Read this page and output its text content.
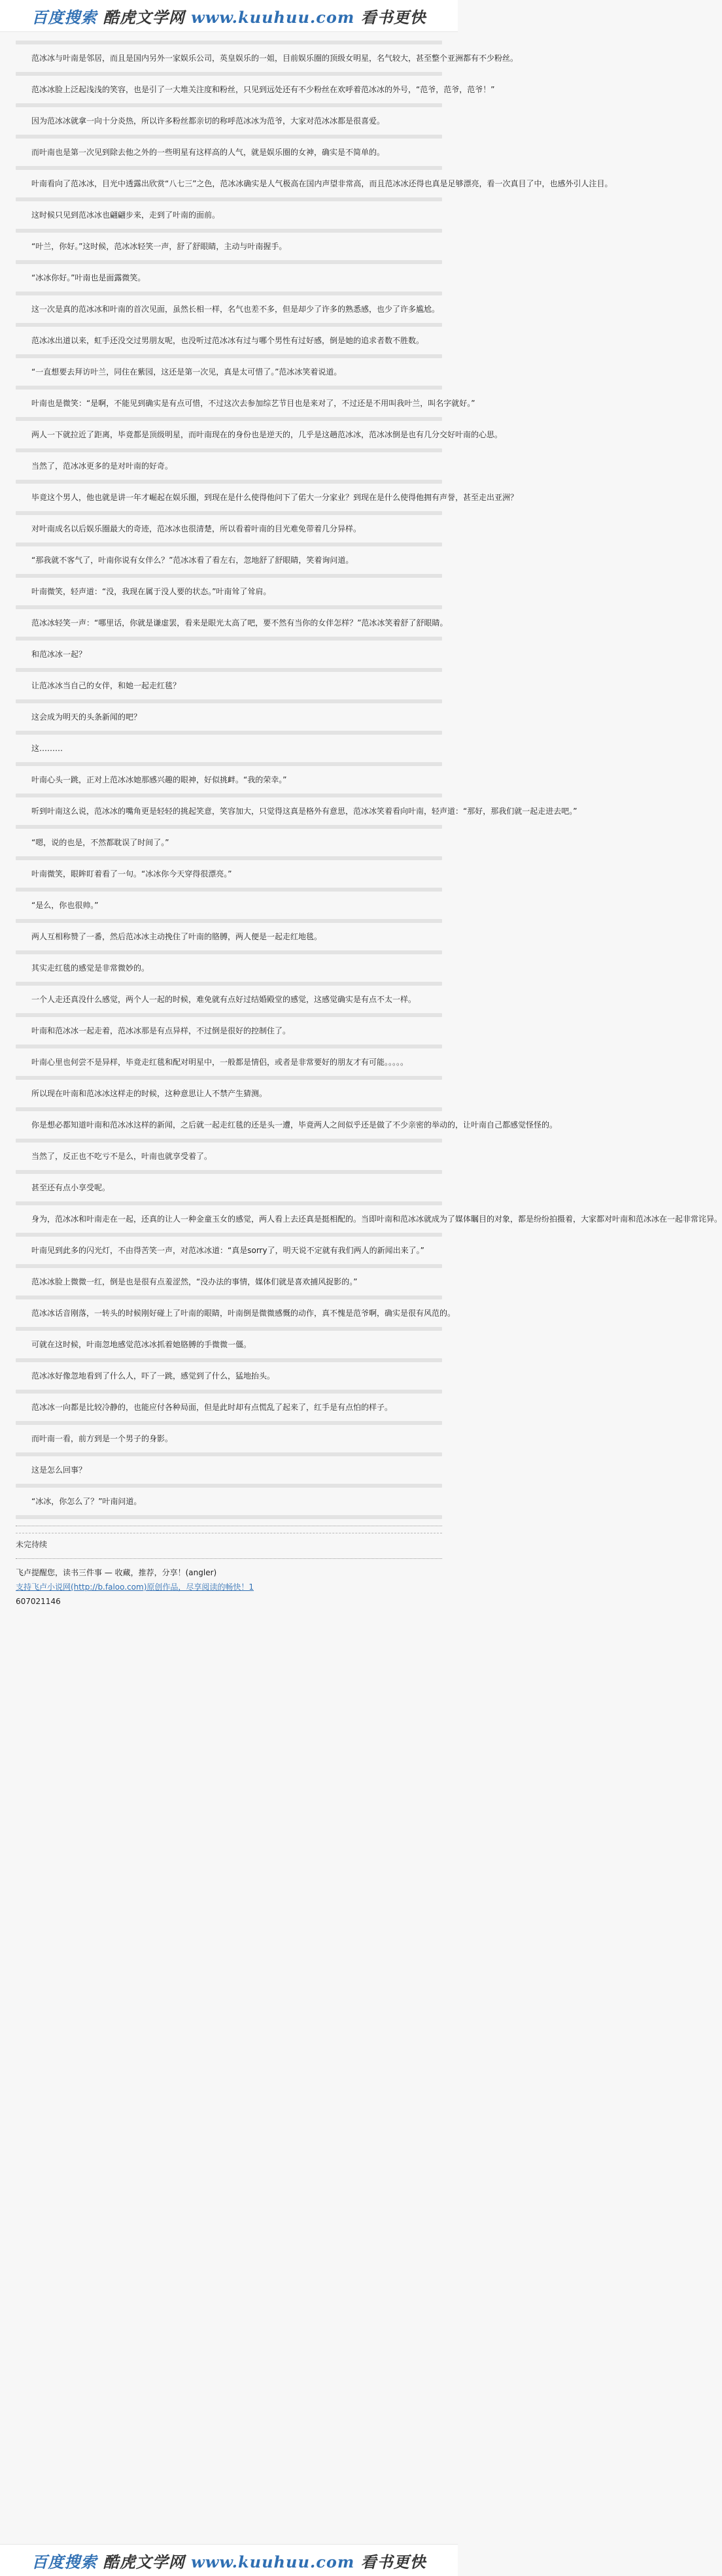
百度搜索 酷虎文学网 www.kuuhuu.com 看书更快
范冰冰与叶南是邻居，而且是国内另外一家娱乐公司，英皇娱乐的一姐，目前娱乐圈的顶级女明星，名气较大，甚至整个亚洲都有不少粉丝。
范冰冰脸上泛起浅浅的笑容，也是引了一大堆关注度和粉丝，只见到远处还有不少粉丝在欢呼着范冰冰的外号，“范爷，范爷，范爷！”
因为范冰冰就拿一向十分炎热，所以许多粉丝都亲切的称呼范冰冰为范爷，大家对范冰冰都是很喜爱。
而叶南也是第一次见到除去他之外的一些明星有这样高的人气，就是娱乐圈的女神，确实是不简单的。
叶南看向了范冰冰，目光中透露出欣赏“八七三”之色，范冰冰确实是人气极高在国内声望非常高，而且范冰冰还得也真是足够漂亮，看一次真目了中，也感外引人注目。
这时候只见到范冰冰也翩翩步来，走到了叶南的面前。
“叶兰，你好。”这时候，范冰冰轻笑一声，舒了舒眼睛，主动与叶南握手。
“冰冰你好。”叶南也是面露微笑。
这一次是真的范冰冰和叶南的首次见面，虽然长相一样，名气也差不多，但是却少了许多的熟悉感，也少了许多尴尬。
范冰冰出道以来，虹手还没交过男朋友呢，也没听过范冰冰有过与哪个男性有过好感，倒是她的追求者数不胜数。
“一直想要去拜访叶兰，同住在紫园，这还是第一次见，真是太可惜了。”范冰冰笑着说道。
叶南也是微笑：“是啊，不能见到确实是有点可惜，不过这次去参加综艺节目也是来对了，不过还是不用叫我叶兰，叫名字就好。”
两人一下就拉近了距离，毕竟都是顶级明星，而叶南现在的身份也是逆天的，几乎是这趟范冰冰，范冰冰倒是也有几分交好叶南的心思。
当然了，范冰冰更多的是对叶南的好奇。
毕竟这个男人，他也就是讲一年才崛起在娱乐圈，到现在是什么使得他问下了偌大一分家业？到现在是什么使得他拥有声誉，甚至走出亚洲？
对叶南成名以后娱乐圈最大的奇迹，范冰冰也很清楚，所以看着叶南的目光难免带着几分异样。
“那我就不客气了，叶南你说有女伴么？”范冰冰看了看左右，忽地舒了舒眼睛，笑着询问道。
叶南微笑，轻声道：“没，我现在属于没人要的状态。”叶南耸了耸肩。
范冰冰轻笑一声：“哪里话，你就是谦虚罢，看来是眼光太高了吧，要不然有当你的女伴怎样？”范冰冰笑着舒了舒眼睛。
和范冰冰一起？
让范冰冰当自己的女伴，和她一起走红毯？
这会成为明天的头条新闻的吧？
这………
叶南心头一跳，正对上范冰冰她那感兴趣的眼神，好似挑衅。“我的荣幸。”
听到叶南这么说，范冰冰的嘴角更是轻轻的挑起笑意，笑容加大，只觉得这真是格外有意思，范冰冰笑着看向叶南，轻声道：“那好，那我们就一起走进去吧。”
“嗯，说的也是，不然都耽误了时间了。”
叶南微笑，眼眸盯着看了一句。“冰冰你今天穿得很漂亮。”
“是么，你也很帅。”
两人互相称赞了一番，然后范冰冰主动挽住了叶南的胳膊，两人便是一起走红地毯。
其实走红毯的感觉是非常微妙的。
一个人走还真没什么感觉，两个人一起的时候，难免就有点好过结婚殿堂的感觉，这感觉确实是有点不太一样。
叶南和范冰冰一起走着，范冰冰那是有点异样，不过倒是很好的控制住了。
叶南心里也何尝不是异样，毕竟走红毯和配对明星中，一般都是情侣，或者是非常要好的朋友才有可能。。。。。
所以现在叶南和范冰冰这样走的时候，这种意思让人不禁产生猜测。
你是想必都知道叶南和范冰冰这样的新闻，之后就一起走红毯的还是头一遭，毕竟两人之间似乎还是做了不少亲密的举动的，让叶南自己都感觉怪怪的。
当然了，反正也不吃亏不是么，叶南也就享受着了。
甚至还有点小享受呢。
身为，范冰冰和叶南走在一起，还真的让人一种金童玉女的感觉，两人看上去还真是挺相配的。当即叶南和范冰冰就成为了媒体瞩目的对象，都是纷纷拍摄着，大家都对叶南和范冰冰在一起非常诧异。
叶南见到此多的闪光灯，不由得苦笑一声，对范冰冰道：“真是sorry了，明天说不定就有我们两人的新闻出来了。”
范冰冰脸上微微一红，倒是也是很有点羞涩然，“没办法的事情，媒体们就是喜欢捕风捉影的。”
范冰冰话音刚落，一转头的时候刚好碰上了叶南的眼睛，叶南倒是微微感慨的动作，真不愧是范爷啊，确实是很有风范的。
可就在这时候，叶南忽地感觉范冰冰抓着她胳膊的手微微一僵。
范冰冰好像忽地看到了什么人，吓了一跳，感觉到了什么，猛地抬头。
范冰冰一向都是比较冷静的，也能应付各种局面，但是此时却有点慌乱了起来了，红手是有点怕的样子。
而叶南一看，前方到是一个男子的身影。
这是怎么回事？
“冰冰，你怎么了？”叶南问道。
未完待续
飞卢提醒您，读书三件事 — 收藏，推荐，分享！(angler)
支持飞卢小说网(http://b.faloo.com)原创作品，尽享阅读的畅快！1
607021146
百度搜索 酷虎文学网 www.kuuhuu.com 看书更快
